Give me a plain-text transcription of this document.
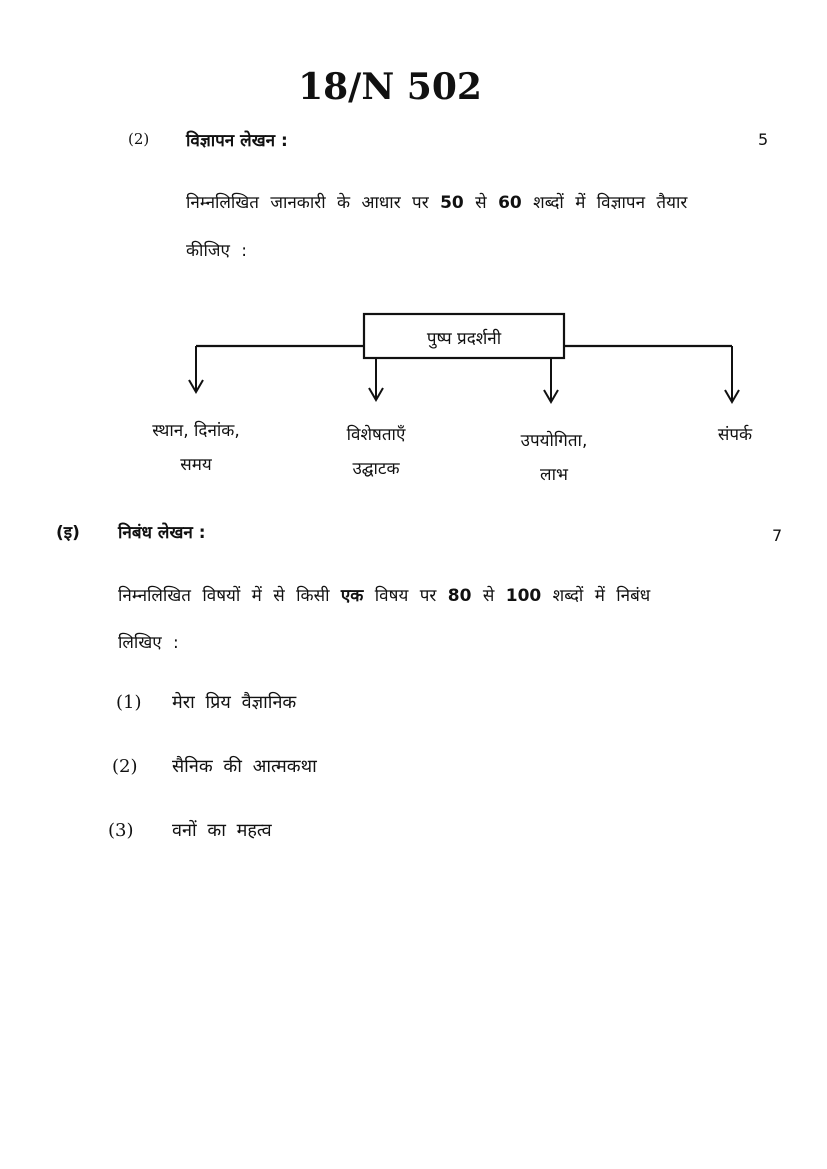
18/N 502
(2) विज्ञापन लेखन :	5
निम्नलिखित जानकारी के आधार पर 50 से 60 शब्दों में विज्ञापन तैयार
कीजिए :
पुष्प प्रदर्शनी
स्थान, दिनांक,
समय
विशेषताएँ
उद्घाटक
उपयोगिता,
लाभ
संपर्क
(इ) निबंध लेखन :	7
निम्नलिखित विषयों में से किसी एक विषय पर 80 से 100 शब्दों में निबंध
लिखिए :
(1) मेरा प्रिय वैज्ञानिक
(2) सैनिक की आत्मकथा
(3) वनों का महत्व
